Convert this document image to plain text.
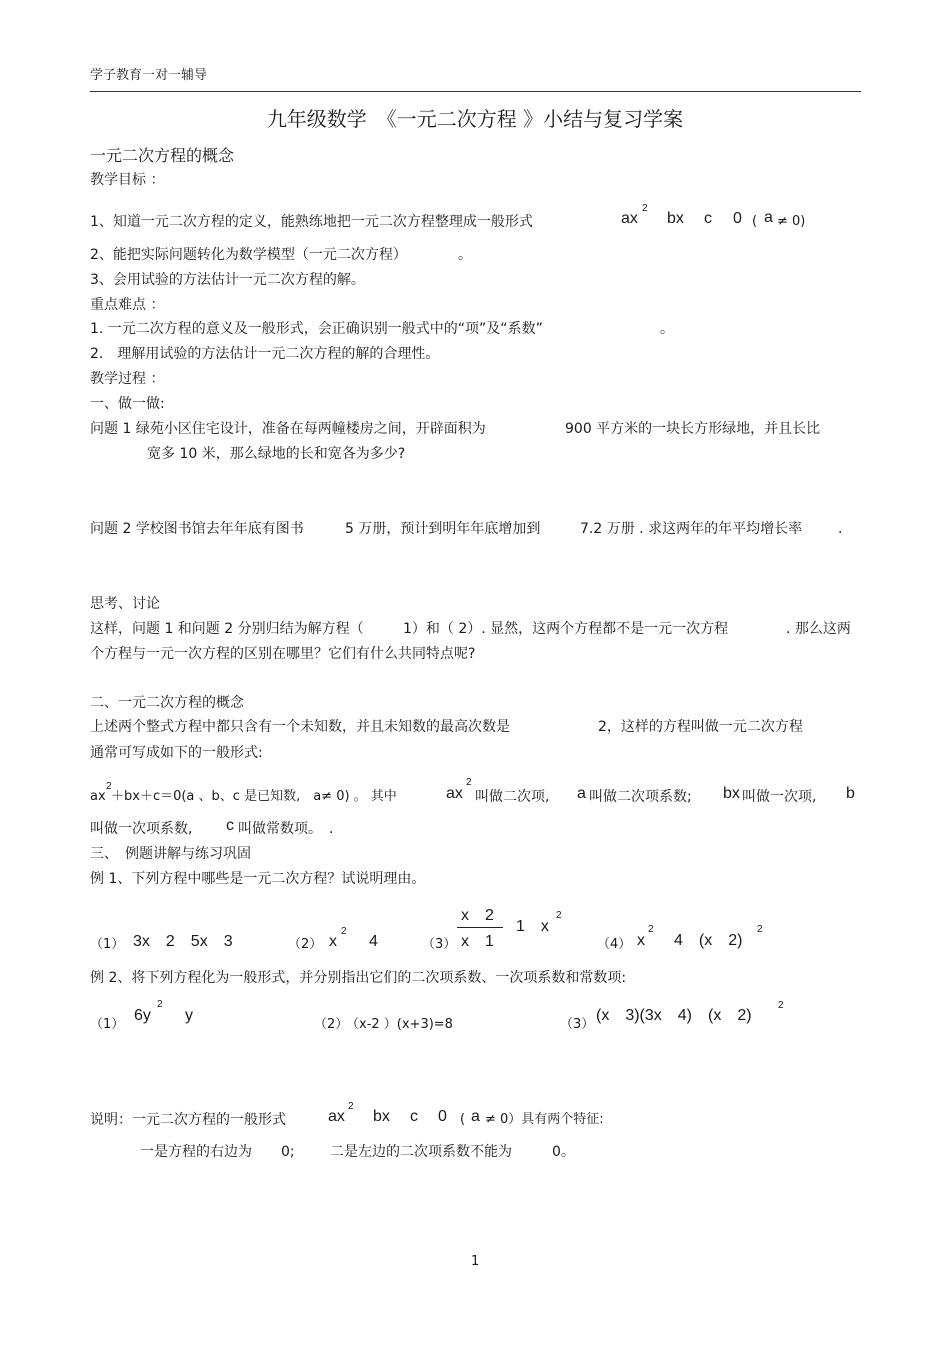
学子教育一对一辅导
九年级数学　《一元二次方程 》小结与复习学案
一元二次方程的概念
教学目标 ：
1、知道一元二次方程的定义，能熟练地把一元二次方程整理成一般形式	ax
2
bx c 0 ( a ≠ 0)
2、能把实际问题转化为数学模型（一元二次方程）	。
3、会用试验的方法估计一元二次方程的解。
重点难点 ：
1. 一元二次方程的意义及一般形式，会正确识别一般式中的“项”及“系数”	。
2.　理解用试验的方法估计一元二次方程的解的合理性。
教学过程 ：
一、做一做:
问题 1 绿苑小区住宅设计，准备在每两幢楼房之间，开辟面积为	900 平方米的一块长方形绿地，并且长比
宽多 10 米，那么绿地的长和宽各为多少?
问题 2 学校图书馆去年年底有图书	5 万册，预计到明年年底增加到	7.2 万册 . 求这两年的年平均增长率	.
思考、讨论
这样，问题 1 和问题 2 分别归结为解方程（	1）和（ 2）. 显然，这两个方程都不是一元一次方程	. 那么这两
个方程与一元一次方程的区别在哪里？它们有什么共同特点呢?
二、一元二次方程的概念
上述两个整式方程中都只含有一个未知数，并且未知数的最高次数是	2，这样的方程叫做一元二次方程
通常可写成如下的一般形式:
ax
2
＋bx＋c＝0(a 、b、c 是已知数,　a≠ 0) 。 其中	ax
2
叫做二次项, a 叫做二次项系数; bx 叫做一次项, b
叫做一次项系数, c 叫做常数项。　.
三、　例题讲解与练习巩固
例 1、下列方程中哪些是一元二次方程？试说明理由。
（1） 3x　2　5x　3	（2） x
2
4	（3）
x　2
x　1
1　x
2
（4） x
2
4　(x　2)
2
例 2、将下列方程化为一般形式，并分别指出它们的二次项系数、一次项系数和常数项:
（1）
6y
2
y
（2）
（x-2 ）(x+3)=8	（3）
(x　3)(3x　4)　(x　2)
2
说明：一元二次方程的一般形式	ax
2
bx c 0 ( a ≠ 0）具有两个特征:
一是方程的右边为 0;	二是左边的二次项系数不能为	0。
1
